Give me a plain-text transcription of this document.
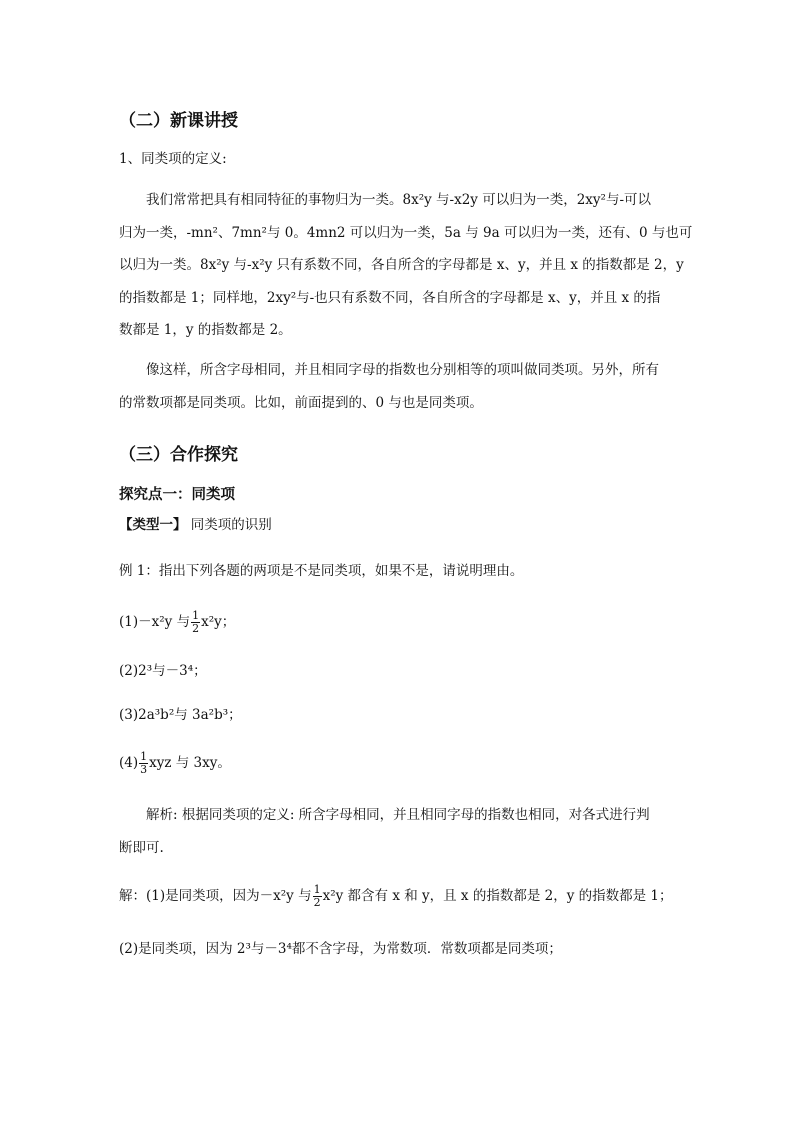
（二）新课讲授
1、同类项的定义:
我们常常把具有相同特征的事物归为一类。8x²y 与-x2y 可以归为一类，2xy²与-可以
归为一类，-mn²、7mn²与 0。4mn2 可以归为一类，5a 与 9a 可以归为一类，还有、0 与也可
以归为一类。8x²y 与-x²y 只有系数不同，各自所含的字母都是 x、y，并且 x 的指数都是 2，y
的指数都是 1；同样地，2xy²与-也只有系数不同，各自所含的字母都是 x、y，并且 x 的指
数都是 1，y 的指数都是 2。
像这样，所含字母相同，并且相同字母的指数也分别相等的项叫做同类项。另外，所有
的常数项都是同类项。比如，前面提到的、0 与也是同类项。
（三）合作探究
探究点一：同类项
【类型一】 同类项的识别
例 1：指出下列各题的两项是不是同类项，如果不是，请说明理由。
(1)－x²y 与 $\frac{1}{2} x^2y$；
(2)2³与－3⁴；
(3)2a³b²与 3a²b³；
$(4) \frac{1}{3}$ xyz 与 3xy。
解析: 根据同类项的定义: 所含字母相同，并且相同字母的指数也相同，对各式进行判
断即可.
解：(1)是同类项，因为－x²y 与 $\frac{1}{2} x^2y$ 都含有 x 和 y，且 x 的指数都是 2，y 的指数都是 1；
(2)是同类项，因为 2³与－3⁴都不含字母，为常数项．常数项都是同类项；
